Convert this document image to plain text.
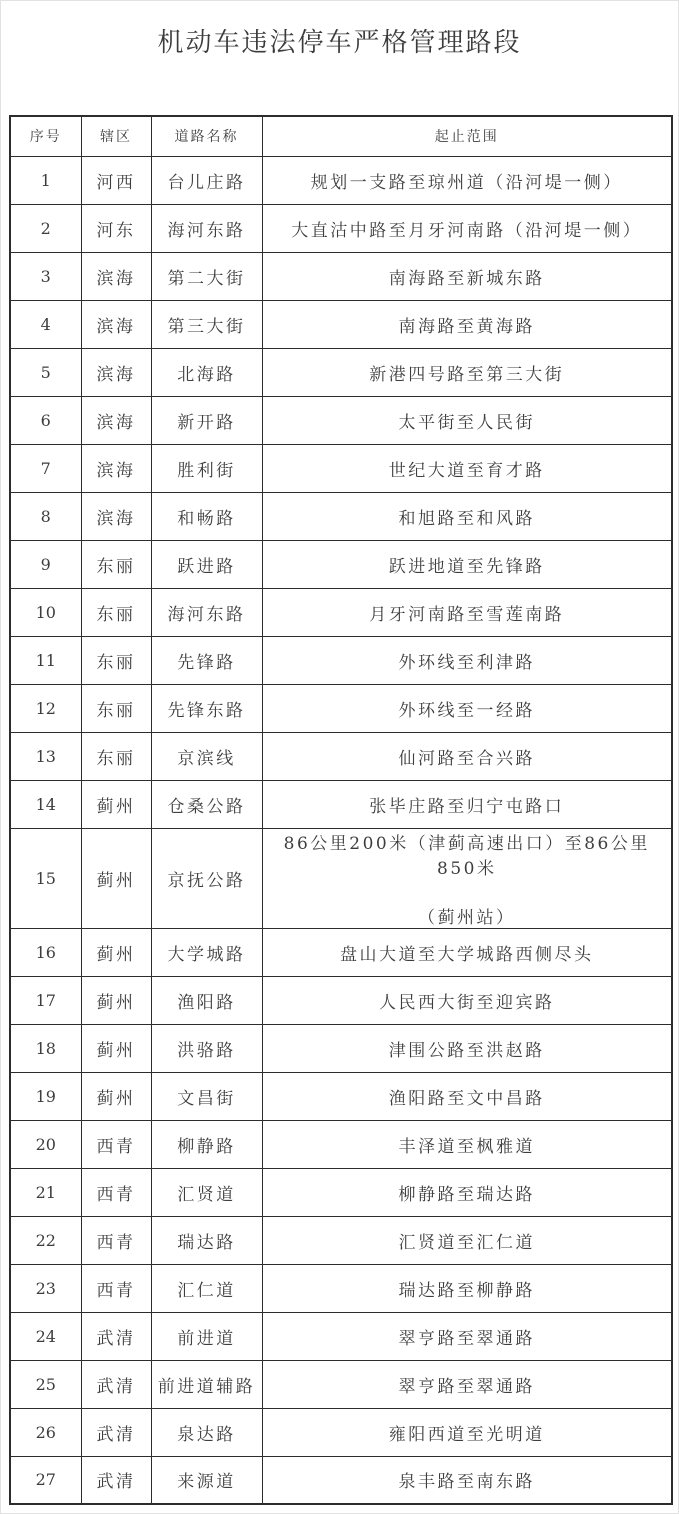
机动车违法停车严格管理路段
序号	辖区	道路名称	起止范围
1	河西	台儿庄路	规划一支路至琼州道（沿河堤一侧）

2	河东	海河东路	大直沽中路至月牙河南路（沿河堤一侧）

3	滨海	第二大街	南海路至新城东路

4	滨海	第三大街	南海路至黄海路

5	滨海	北海路	新港四号路至第三大街

6	滨海	新开路	太平街至人民街

7	滨海	胜利街	世纪大道至育才路

8	滨海	和畅路	和旭路至和风路

9	东丽	跃进路	跃进地道至先锋路

10	东丽	海河东路	月牙河南路至雪莲南路

11	东丽	先锋路	外环线至利津路

12	东丽	先锋东路	外环线至一经路

13	东丽	京滨线	仙河路至合兴路

14	蓟州	仓桑公路	张毕庄路至归宁屯路口

15	蓟州	京抚公路	86公里200米（津蓟高速出口）至86公里850米
（蓟州站）

16	蓟州	大学城路	盘山大道至大学城路西侧尽头

17	蓟州	渔阳路	人民西大街至迎宾路

18	蓟州	洪骆路	津围公路至洪赵路

19	蓟州	文昌街	渔阳路至文中昌路

20	西青	柳静路	丰泽道至枫雅道

21	西青	汇贤道	柳静路至瑞达路

22	西青	瑞达路	汇贤道至汇仁道

23	西青	汇仁道	瑞达路至柳静路

24	武清	前进道	翠亨路至翠通路

25	武清	前进道辅路	翠亨路至翠通路

26	武清	泉达路	雍阳西道至光明道

27	武清	来源道	泉丰路至南东路
